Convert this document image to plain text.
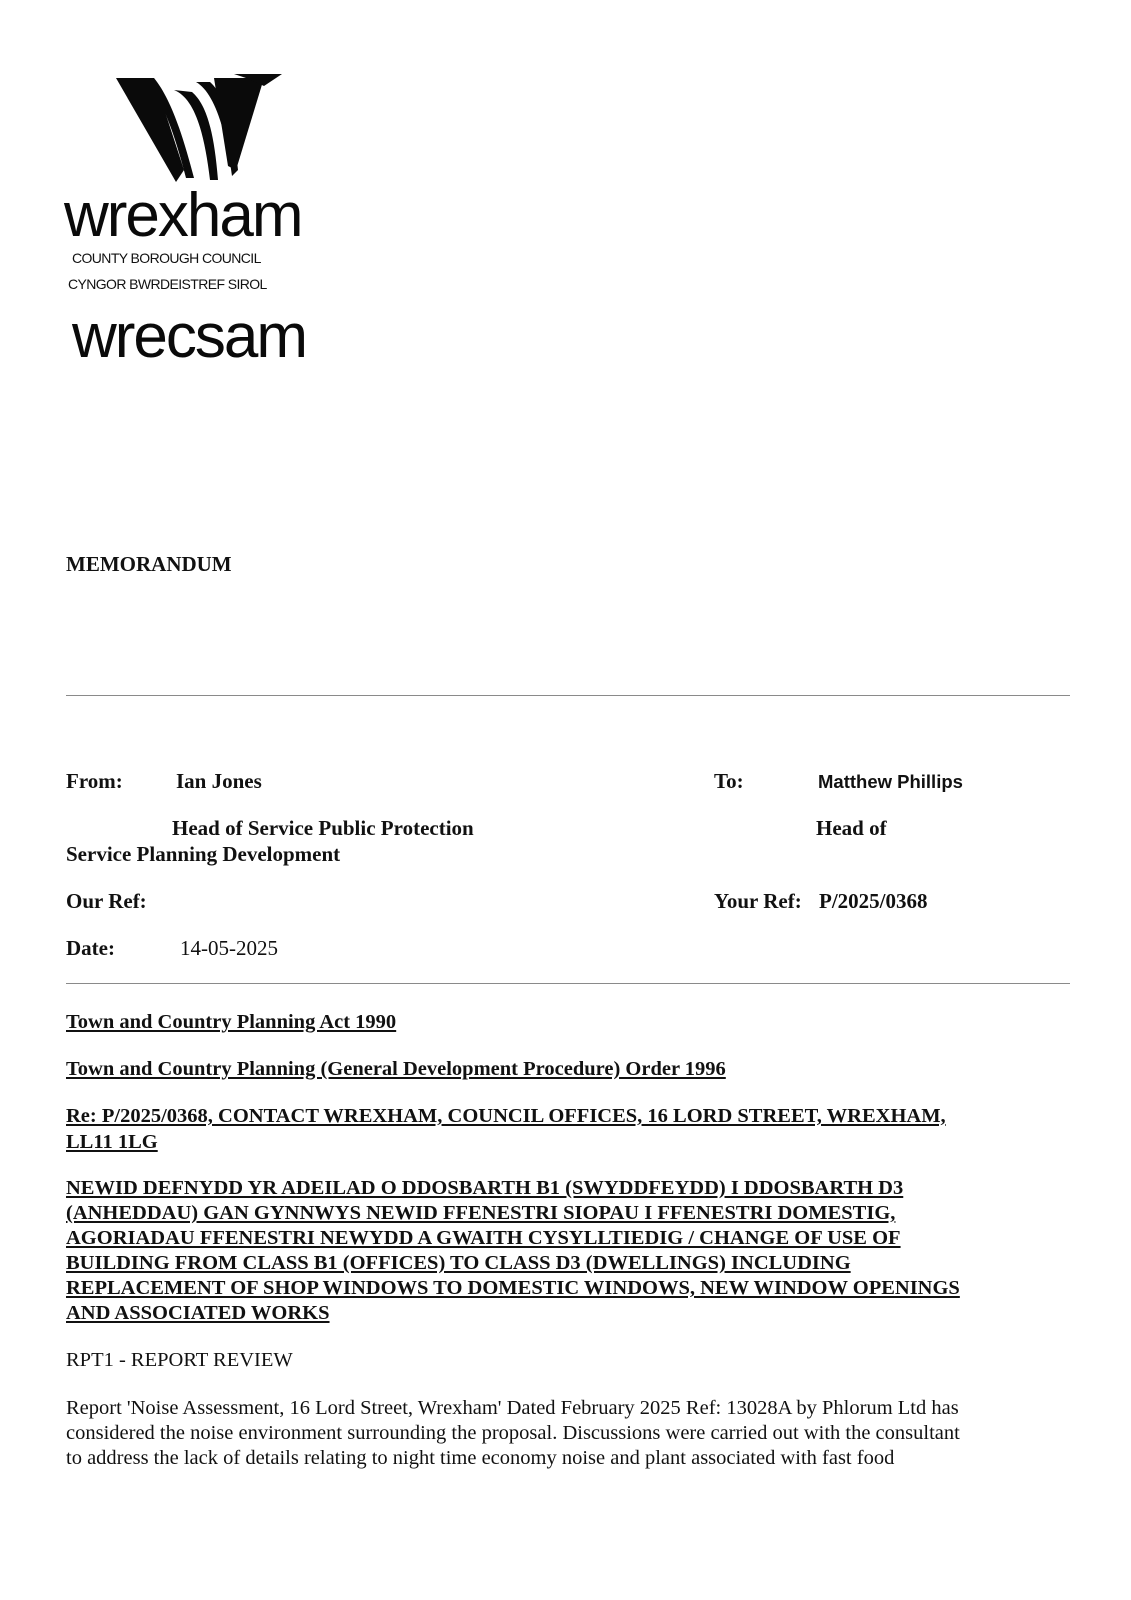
wrexham
COUNTY BOROUGH COUNCIL
CYNGOR BWRDEISTREF SIROL
wrecsam
MEMORANDUM
From:	Ian Jones	To:	Matthew Phillips
Head of Service Public Protection	Head of
Service Planning Development
Our Ref:	Your Ref: P/2025/0368
Date:	14-05-2025
Town and Country Planning Act 1990
Town and Country Planning (General Development Procedure) Order 1996
Re: P/2025/0368, CONTACT WREXHAM, COUNCIL OFFICES, 16 LORD STREET, WREXHAM,
LL11 1LG
NEWID DEFNYDD YR ADEILAD O DDOSBARTH B1 (SWYDDFEYDD) I DDOSBARTH D3
(ANHEDDAU) GAN GYNNWYS NEWID FFENESTRI SIOPAU I FFENESTRI DOMESTIG,
AGORIADAU FFENESTRI NEWYDD A GWAITH CYSYLLTIEDIG / CHANGE OF USE OF
BUILDING FROM CLASS B1 (OFFICES) TO CLASS D3 (DWELLINGS) INCLUDING
REPLACEMENT OF SHOP WINDOWS TO DOMESTIC WINDOWS, NEW WINDOW OPENINGS
AND ASSOCIATED WORKS
RPT1 - REPORT REVIEW
Report 'Noise Assessment, 16 Lord Street, Wrexham' Dated February 2025 Ref: 13028A by Phlorum Ltd has
considered the noise environment surrounding the proposal. Discussions were carried out with the consultant
to address the lack of details relating to night time economy noise and plant associated with fast food
